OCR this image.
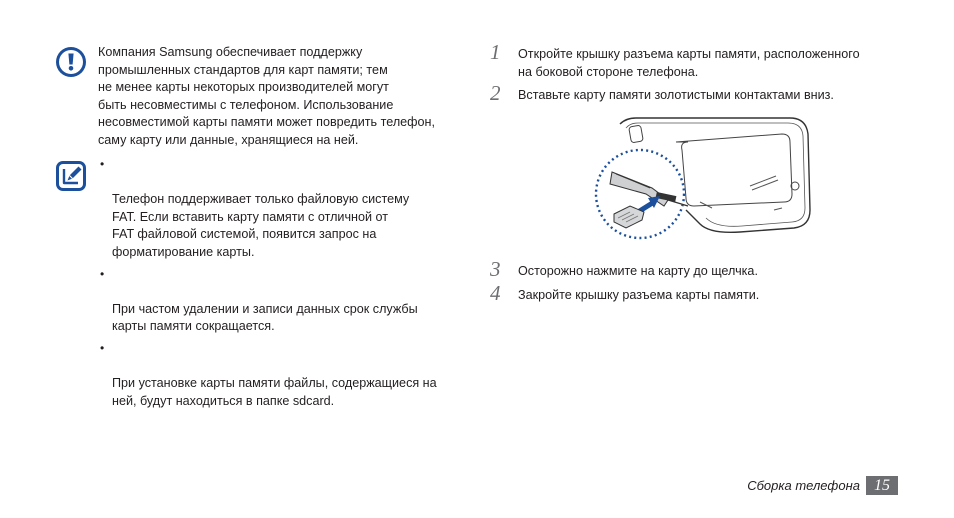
Компания Samsung обеспечивает поддержку
промышленных стандартов для карт памяти; тем
не менее карты некоторых производителей могут
быть несовместимы с телефоном. Использование
несовместимой карты памяти может повредить телефон,
саму карту или данные, хранящиеся на ней.

•

Телефон поддерживает только файловую систему
FAT. Если вставить карту памяти с отличной от
FAT файловой системой, появится запрос на
форматирование карты.

•

При частом удалении и записи данных срок службы
карты памяти сокращается.

•

При установке карты памяти файлы, содержащиеся на
ней, будут находиться в папке sdcard.

1	Откройте крышку разъема карты памяти, расположенного
на боковой стороне телефона.
2	Вставьте карту памяти золотистыми контактами вниз.
3	Осторожно нажмите на карту до щелчка.
4	Закройте крышку разъема карты памяти.
Сборка телефона 15
